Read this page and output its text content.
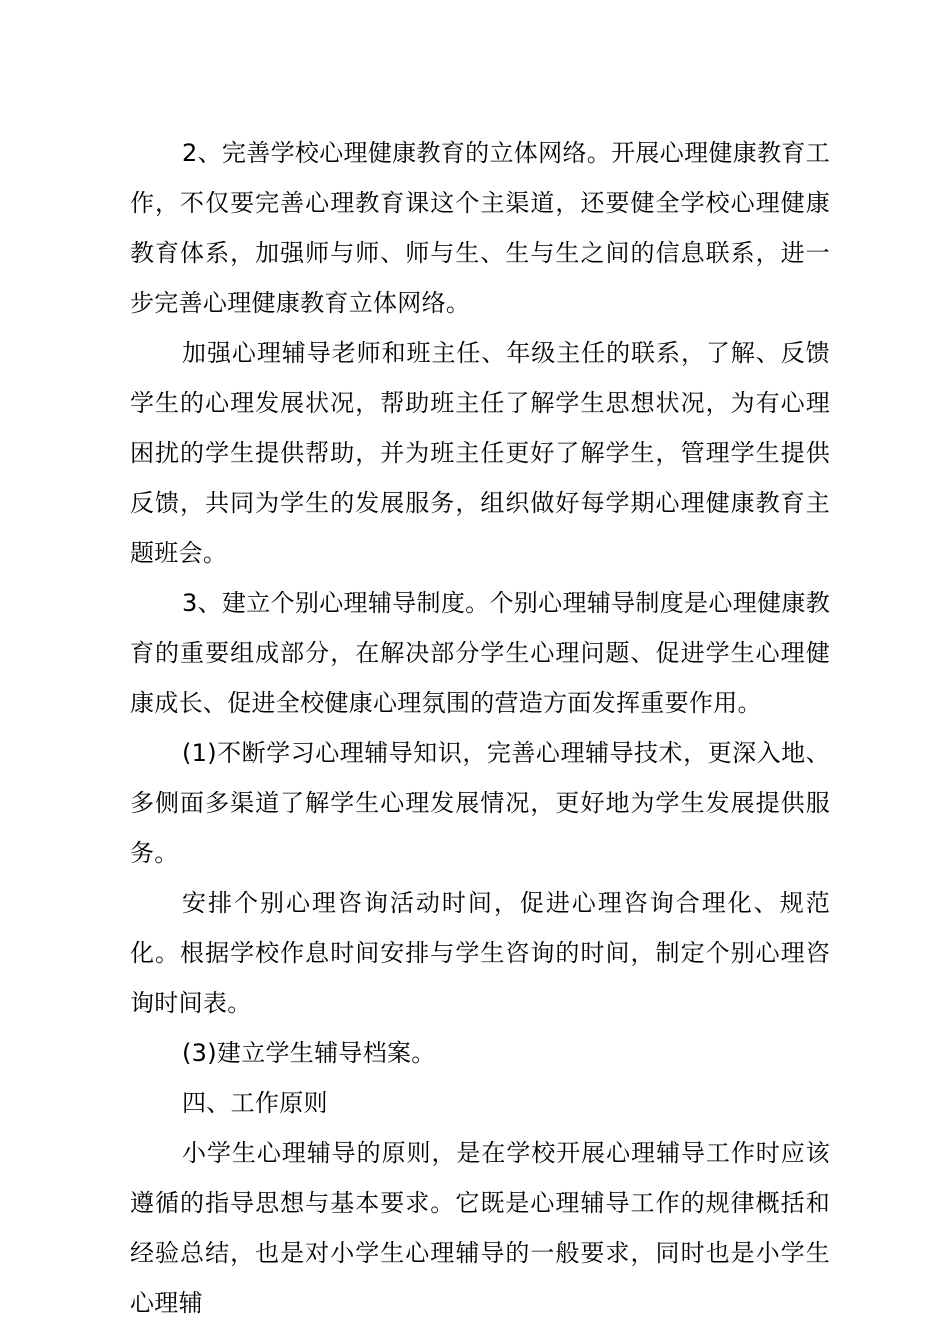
2、完善学校心理健康教育的立体网络。开展心理健康教育工作，不仅要完善心理教育课这个主渠道，还要健全学校心理健康教育体系，加强师与师、师与生、生与生之间的信息联系，进一步完善心理健康教育立体网络。

加强心理辅导老师和班主任、年级主任的联系，了解、反馈学生的心理发展状况，帮助班主任了解学生思想状况，为有心理困扰的学生提供帮助，并为班主任更好了解学生，管理学生提供反馈，共同为学生的发展服务，组织做好每学期心理健康教育主题班会。

3、建立个别心理辅导制度。个别心理辅导制度是心理健康教育的重要组成部分，在解决部分学生心理问题、促进学生心理健康成长、促进全校健康心理氛围的营造方面发挥重要作用。

(1)不断学习心理辅导知识，完善心理辅导技术，更深入地、多侧面多渠道了解学生心理发展情况，更好地为学生发展提供服务。

安排个别心理咨询活动时间，促进心理咨询合理化、规范化。根据学校作息时间安排与学生咨询的时间，制定个别心理咨询时间表。

(3)建立学生辅导档案。

四、工作原则

小学生心理辅导的原则，是在学校开展心理辅导工作时应该遵循的指导思想与基本要求。它既是心理辅导工作的规律概括和经验总结，也是对小学生心理辅导的一般要求，同时也是小学生心理辅
